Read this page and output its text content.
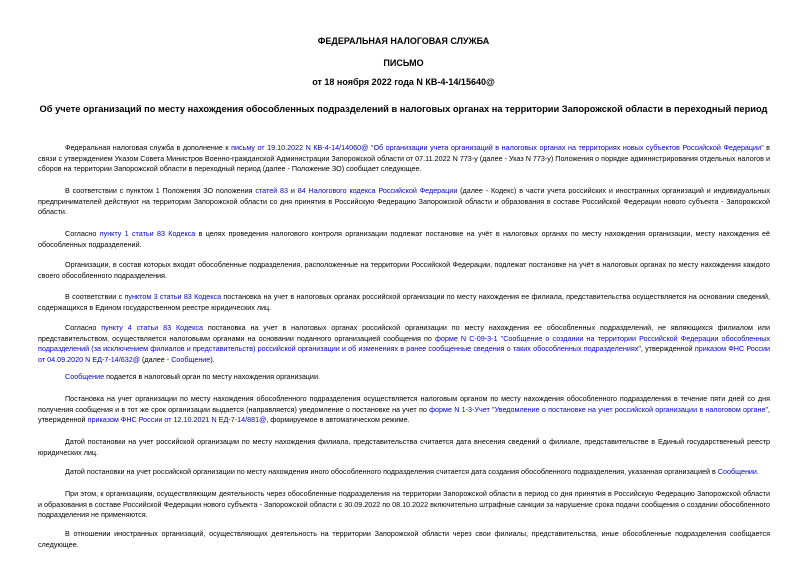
ФЕДЕРАЛЬНАЯ НАЛОГОВАЯ СЛУЖБА
ПИСЬМО
от 18 ноября 2022 года N КВ-4-14/15640@
Об учете организаций по месту нахождения обособленных подразделений в налоговых органах на территории Запорожской области в переходный период
Федеральная налоговая служба в дополнение к письму от 19.10.2022 N КВ-4-14/14060@ "Об организации учета организаций в налоговых органах на территориях новых субъектов Российской Федерации" в связи с утверждением Указом Совета Министров Военно-гражданской Администрации Запорожской области от 07.11.2022 N 773-у (далее - Указ N 773-у) Положения о порядке администрирования отдельных налогов и сборов на территории Запорожской области в переходный период (далее - Положение ЗО) сообщает следующее.
В соответствии с пунктом 1 Положения ЗО положения статей 83 и 84 Налогового кодекса Российской Федерации (далее - Кодекс) в части учета российских и иностранных организаций и индивидуальных предпринимателей действуют на территории Запорожской области со дня принятия в Российскую Федерацию Запорожской области и образования в составе Российской Федерации нового субъекта - Запорожской области.
Согласно пункту 1 статьи 83 Кодекса в целях проведения налогового контроля организации подлежат постановке на учёт в налоговых органах по месту нахождения организации, месту нахождения её обособленных подразделений.
Организации, в состав которых входят обособленные подразделения, расположенные на территории Российской Федерации, подлежат постановке на учёт в налоговых органах по месту нахождения каждого своего обособленного подразделения.
В соответствии с пунктом 3 статьи 83 Кодекса постановка на учет в налоговых органах российской организации по месту нахождения ее филиала, представительства осуществляется на основании сведений, содержащихся в Едином государственном реестре юридических лиц.
Согласно пункту 4 статьи 83 Кодекса постановка на учет в налоговых органах российской организации по месту нахождения ее обособленных подразделений, не являющихся филиалом или представительством, осуществляется налоговыми органами на основании поданного организацией сообщения по форме N С-09-3-1 "Сообщение о создании на территории Российской Федерации обособленных подразделений (за исключением филиалов и представительств) российской организации и об изменениях в ранее сообщенные сведения о таких обособленных подразделениях", утвержденной приказом ФНС России от 04.09.2020 N ЕД-7-14/632@ (далее - Сообщение).
Сообщение подается в налоговый орган по месту нахождения организации.
Постановка на учет организации по месту нахождения обособленного подразделения осуществляется налоговым органом по месту нахождения обособленного подразделения в течение пяти дней со дня получения сообщения и в тот же срок организации выдается (направляется) уведомление о постановке на учет по форме N 1-3-Учет "Уведомление о постановке на учет российской организации в налоговом органе", утвержденной приказом ФНС России от 12.10.2021 N ЕД-7-14/881@, формируемое в автоматическом режиме.
Датой постановки на учет российской организации по месту нахождения филиала, представительства считается дата внесения сведений о филиале, представительстве в Единый государственный реестр юридических лиц.
Датой постановки на учет российской организации по месту нахождения иного обособленного подразделения считается дата создания обособленного подразделения, указанная организацией в Сообщении.
При этом, к организациям, осуществляющим деятельность через обособленные подразделения на территории Запорожской области в период со дня принятия в Российскую Федерацию Запорожской области и образования в составе Российской Федерации нового субъекта - Запорожской области с 30.09.2022 по 08.10.2022 включительно штрафные санкции за нарушение срока подачи сообщения о создании обособленного подразделения не применяются.
В отношении иностранных организаций, осуществляющих деятельность на территории Запорожской области через свои филиалы, представительства, иные обособленные подразделения сообщается следующее.
